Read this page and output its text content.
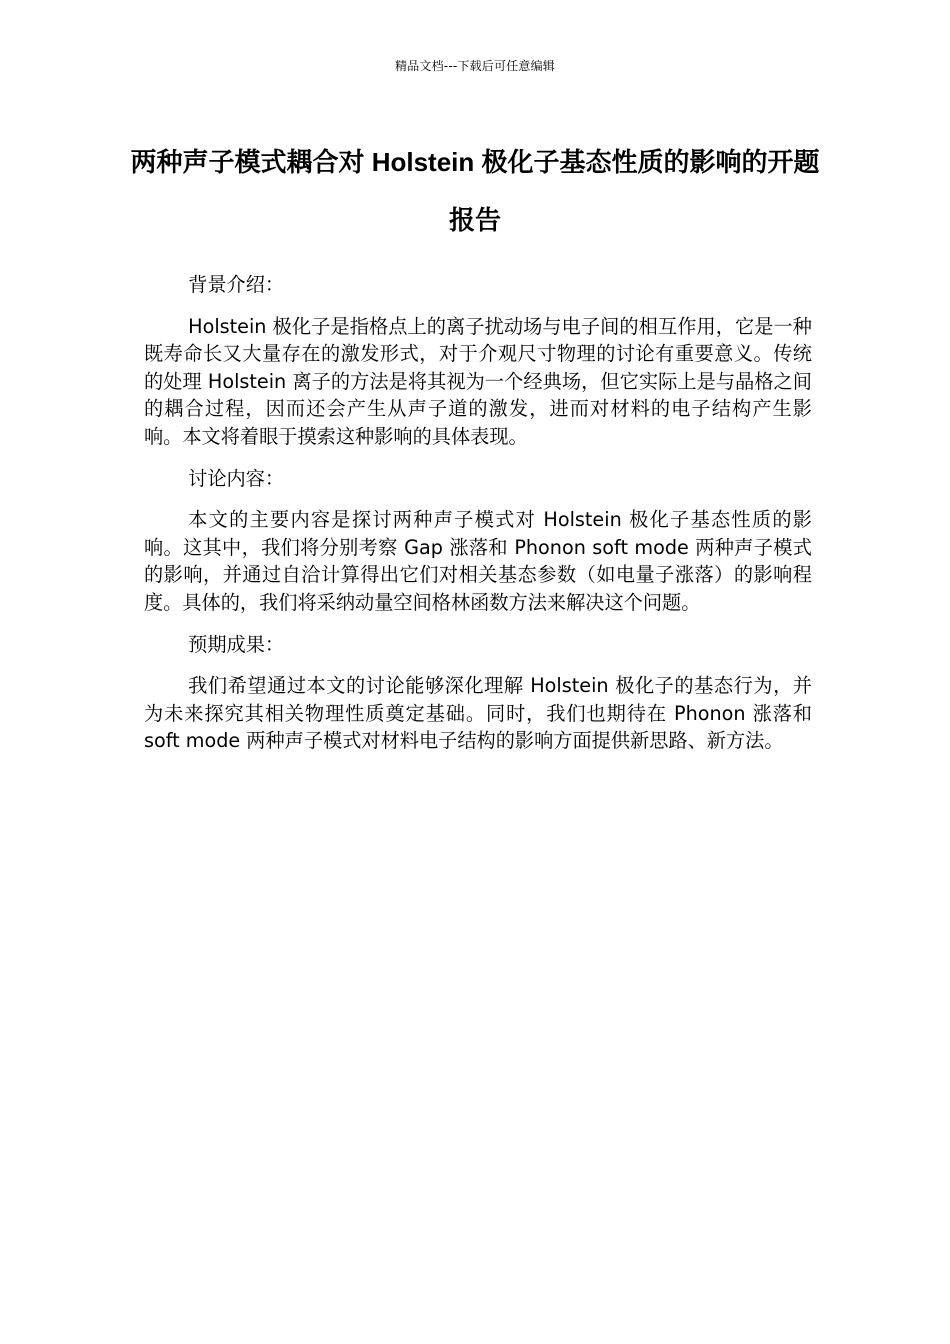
精品文档---下载后可任意编辑
两种声子模式耦合对 Holstein 极化子基态性质的影响的开题报告

背景介绍：

Holstein 极化子是指格点上的离子扰动场与电子间的相互作用，它是一种既寿命长又大量存在的激发形式，对于介观尺寸物理的讨论有重要意义。传统的处理 Holstein 离子的方法是将其视为一个经典场，但它实际上是与晶格之间的耦合过程，因而还会产生从声子道的激发，进而对材料的电子结构产生影响。本文将着眼于摸索这种影响的具体表现。

讨论内容：

本文的主要内容是探讨两种声子模式对 Holstein 极化子基态性质的影响。这其中，我们将分别考察 Gap 涨落和 Phonon soft mode 两种声子模式的影响，并通过自洽计算得出它们对相关基态参数（如电量子涨落）的影响程度。具体的，我们将采纳动量空间格林函数方法来解决这个问题。

预期成果：

我们希望通过本文的讨论能够深化理解 Holstein 极化子的基态行为，并为未来探究其相关物理性质奠定基础。同时，我们也期待在 Phonon 涨落和 soft mode 两种声子模式对材料电子结构的影响方面提供新思路、新方法。
